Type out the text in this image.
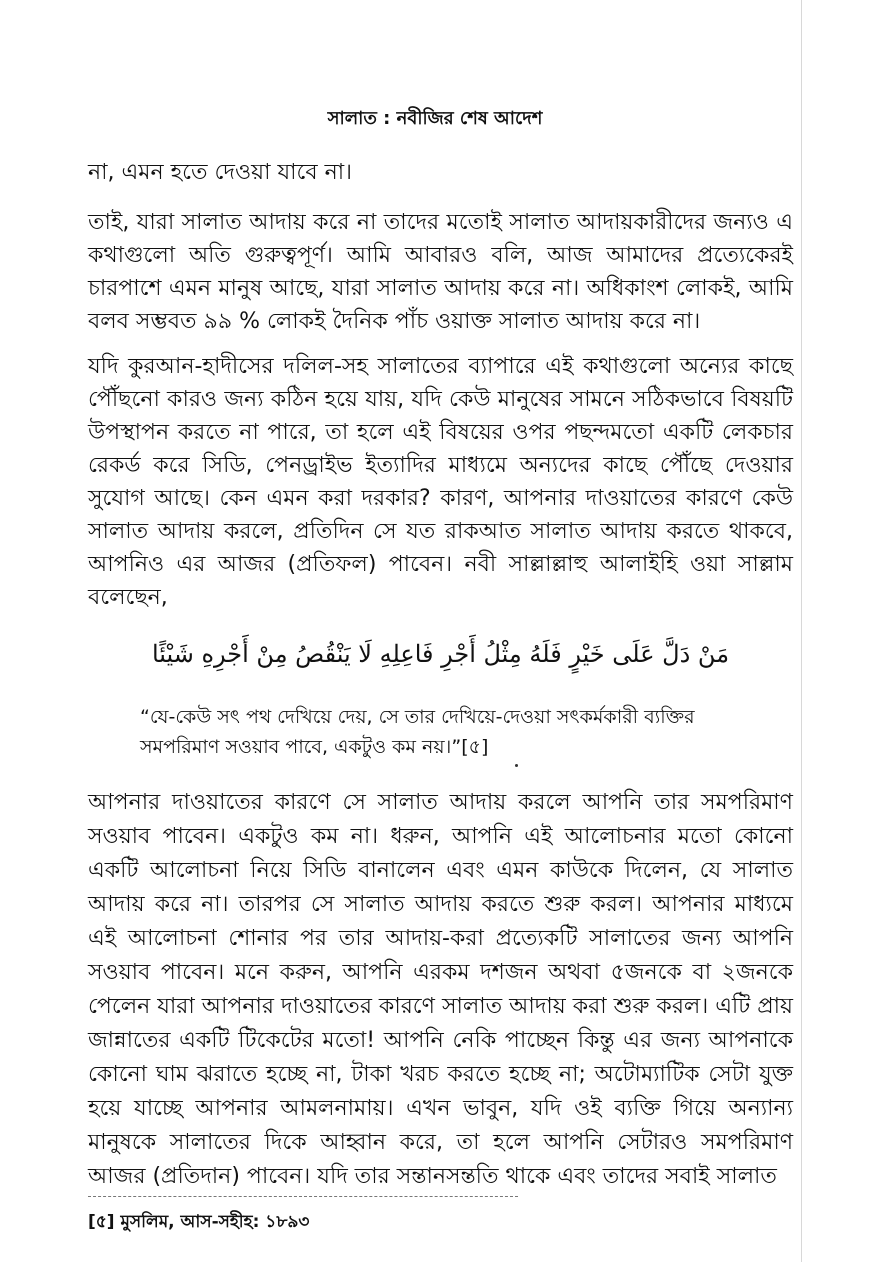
সালাত : নবীজির শেষ আদেশ
না, এমন হতে দেওয়া যাবে না।
তাই, যারা সালাত আদায় করে না তাদের মতোই সালাত আদায়কারীদের জন্যও এ কথাগুলো অতি গুরুত্বপূর্ণ। আমি আবারও বলি, আজ আমাদের প্রত্যেকেরই চারপাশে এমন মানুষ আছে, যারা সালাত আদায় করে না। অধিকাংশ লোকই, আমি বলব সম্ভবত ৯৯ % লোকই দৈনিক পাঁচ ওয়াক্ত সালাত আদায় করে না।
যদি কুরআন-হাদীসের দলিল-সহ সালাতের ব্যাপারে এই কথাগুলো অন্যের কাছে পৌঁছনো কারও জন্য কঠিন হয়ে যায়, যদি কেউ মানুষের সামনে সঠিকভাবে বিষয়টি উপস্থাপন করতে না পারে, তা হলে এই বিষয়ের ওপর পছন্দমতো একটি লেকচার রেকর্ড করে সিডি, পেনড্রাইভ ইত্যাদির মাধ্যমে অন্যদের কাছে পৌঁছে দেওয়ার সুযোগ আছে। কেন এমন করা দরকার? কারণ, আপনার দাওয়াতের কারণে কেউ সালাত আদায় করলে, প্রতিদিন সে যত রাকআত সালাত আদায় করতে থাকবে, আপনিও এর আজর (প্রতিফল) পাবেন। নবী সাল্লাল্লাহু আলাইহি ওয়া সাল্লাম বলেছেন,
مَنْ دَلَّ عَلَى خَيْرٍ فَلَهُ مِثْلُ أَجْرِ فَاعِلِهِ لَا يَنْقُصُ مِنْ أَجْرِهِ شَيْئًا
“যে-কেউ সৎ পথ দেখিয়ে দেয়, সে তার দেখিয়ে-দেওয়া সৎকর্মকারী ব্যক্তির সমপরিমাণ সওয়াব পাবে, একটুও কম নয়।”[৫]
আপনার দাওয়াতের কারণে সে সালাত আদায় করলে আপনি তার সমপরিমাণ সওয়াব পাবেন। একটুও কম না। ধরুন, আপনি এই আলোচনার মতো কোনো একটি আলোচনা নিয়ে সিডি বানালেন এবং এমন কাউকে দিলেন, যে সালাত আদায় করে না। তারপর সে সালাত আদায় করতে শুরু করল। আপনার মাধ্যমে এই আলোচনা শোনার পর তার আদায়-করা প্রত্যেকটি সালাতের জন্য আপনি সওয়াব পাবেন। মনে করুন, আপনি এরকম দশজন অথবা ৫জনকে বা ২জনকে পেলেন যারা আপনার দাওয়াতের কারণে সালাত আদায় করা শুরু করল। এটি প্রায় জান্নাতের একটি টিকেটের মতো! আপনি নেকি পাচ্ছেন কিন্তু এর জন্য আপনাকে কোনো ঘাম ঝরাতে হচ্ছে না, টাকা খরচ করতে হচ্ছে না; অটোম্যাটিক সেটা যুক্ত হয়ে যাচ্ছে আপনার আমলনামায়। এখন ভাবুন, যদি ওই ব্যক্তি গিয়ে অন্যান্য মানুষকে সালাতের দিকে আহ্বান করে, তা হলে আপনি সেটারও সমপরিমাণ আজর (প্রতিদান) পাবেন। যদি তার সন্তানসন্ততি থাকে এবং তাদের সবাই সালাত
[৫] মুসলিম, আস-সহীহ: ১৮৯৩
